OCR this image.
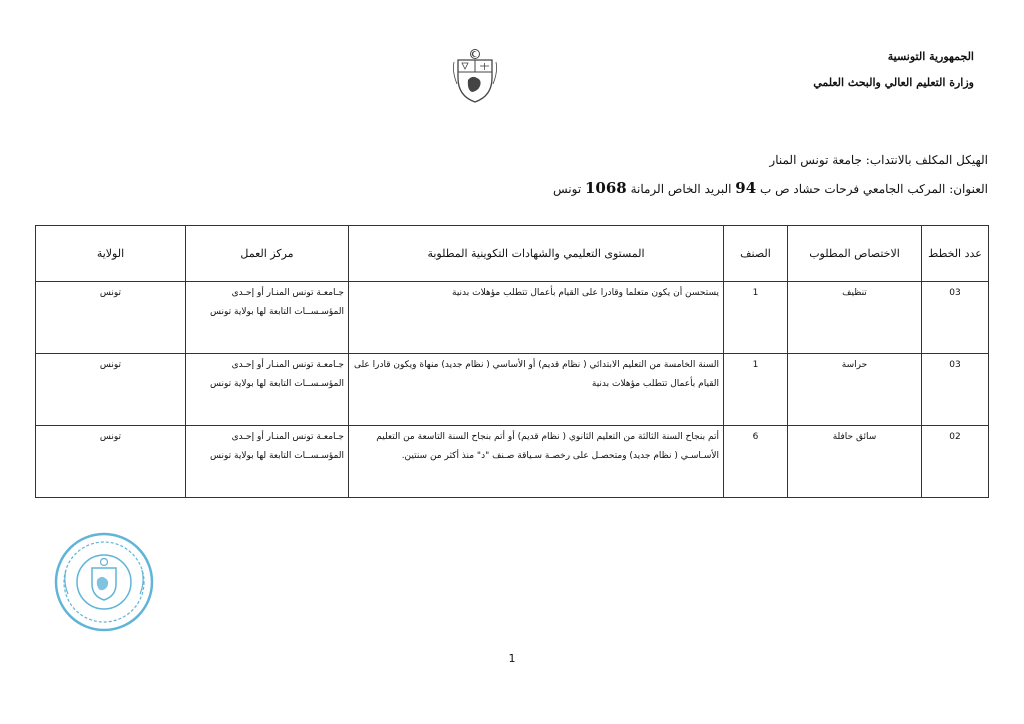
الجمهورية التونسية
وزارة التعليم العالي والبحث العلمي
الهيكل المكلف بالانتداب: جامعة تونس المنار
العنوان: المركب الجامعي فرحات حشاد ص ب 94 البريد الخاص الرمانة 1068 تونس
عدد الخطط	الاختصاص المطلوب	الصنف	المستوى التعليمي والشهادات التكوينية المطلوبة	مركز العمل	الولاية
03	تنظيف	1	يستحسن أن يكون متعلما وقادرا على القيام بأعمال تتطلب مؤهلات بدنية	جـامعـة تونس المنـار أو إحـدى المؤسـســات التابعة لها بولاية تونس	تونس
03	حراسة	1	السنة الخامسة من التعليم الابتدائي ( نظام قديم) أو الأساسي ( نظام جديد) منهاة ويكون قادرا على القيام بأعمال تتطلب مؤهلات بدنية	جـامعـة تونس المنـار أو إحـدى المؤسـســات التابعة لها بولاية تونس	تونس
02	سائق حافلة	6	أتم بنجاح السنة الثالثة من التعليم الثانوي ( نظام قديم) أو أتم بنجاح السنة التاسعة من التعليم الأسـاسـي ( نظام جديد) ومتحصـل على رخصـة سـياقة صـنف "د" منذ أكثر من سنتين.	جـامعـة تونس المنـار أو إحـدى المؤسـســات التابعة لها بولاية تونس	تونس
1
